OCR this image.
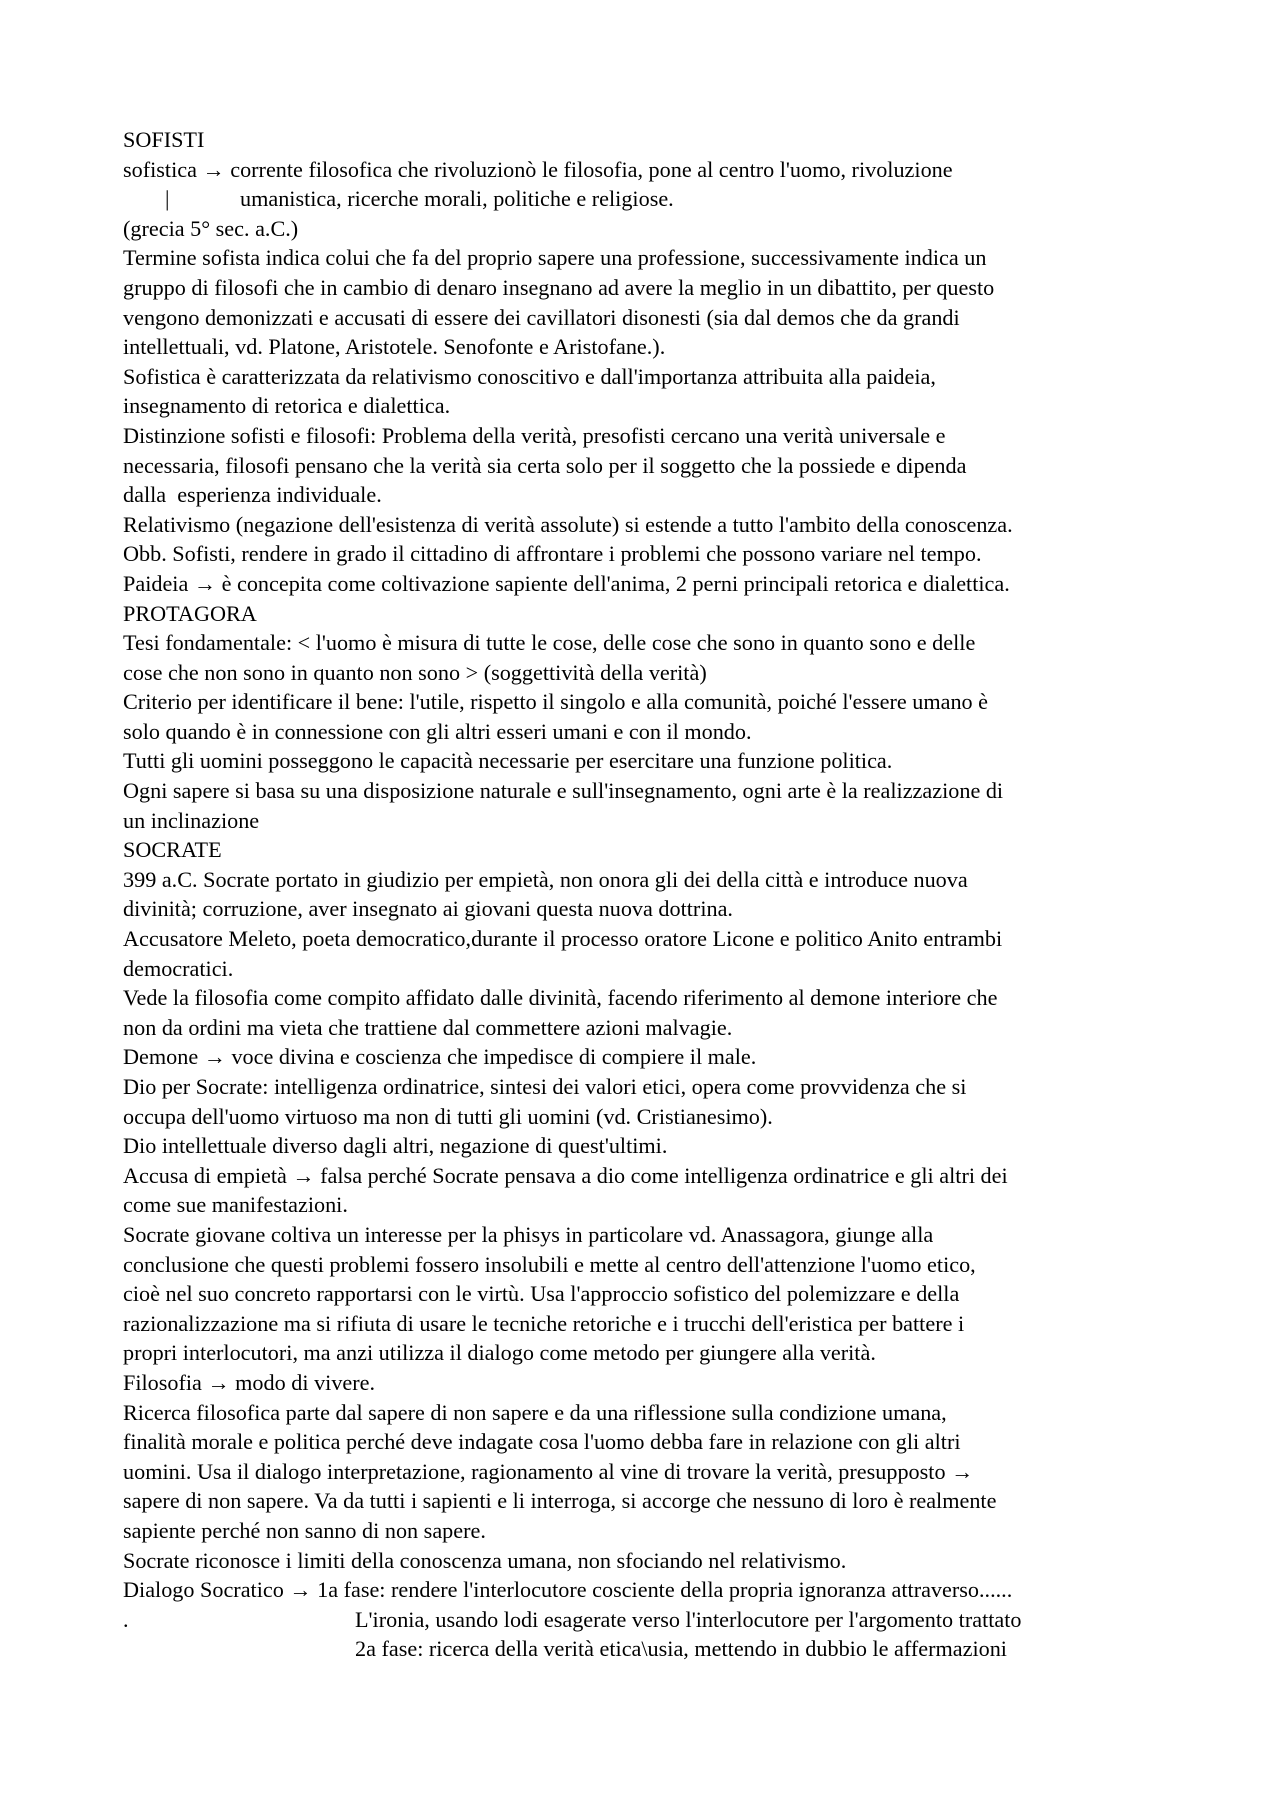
SOFISTI
sofistica → corrente filosofica che rivoluzionò le filosofia, pone al centro l'uomo, rivoluzione
|	umanistica, ricerche morali, politiche e religiose.
(grecia 5° sec. a.C.)
Termine sofista indica colui che fa del proprio sapere una professione, successivamente indica un
gruppo di filosofi che in cambio di denaro insegnano ad avere la meglio in un dibattito, per questo
vengono demonizzati e accusati di essere dei cavillatori disonesti (sia dal demos che da grandi
intellettuali, vd. Platone, Aristotele. Senofonte e Aristofane.).
Sofistica è caratterizzata da relativismo conoscitivo e dall'importanza attribuita alla paideia,
insegnamento di retorica e dialettica.
Distinzione sofisti e filosofi: Problema della verità, presofisti cercano una verità universale e
necessaria, filosofi pensano che la verità sia certa solo per il soggetto che la possiede e dipenda
dalla  esperienza individuale.
Relativismo (negazione dell'esistenza di verità assolute) si estende a tutto l'ambito della conoscenza.
Obb. Sofisti, rendere in grado il cittadino di affrontare i problemi che possono variare nel tempo.
Paideia → è concepita come coltivazione sapiente dell'anima, 2 perni principali retorica e dialettica.
PROTAGORA
Tesi fondamentale: < l'uomo è misura di tutte le cose, delle cose che sono in quanto sono e delle
cose che non sono in quanto non sono > (soggettività della verità)
Criterio per identificare il bene: l'utile, rispetto il singolo e alla comunità, poiché l'essere umano è
solo quando è in connessione con gli altri esseri umani e con il mondo.
Tutti gli uomini posseggono le capacità necessarie per esercitare una funzione politica.
Ogni sapere si basa su una disposizione naturale e sull'insegnamento, ogni arte è la realizzazione di
un inclinazione
SOCRATE
399 a.C. Socrate portato in giudizio per empietà, non onora gli dei della città e introduce nuova
divinità; corruzione, aver insegnato ai giovani questa nuova dottrina.
Accusatore Meleto, poeta democratico,durante il processo oratore Licone e politico Anito entrambi
democratici.
Vede la filosofia come compito affidato dalle divinità, facendo riferimento al demone interiore che
non da ordini ma vieta che trattiene dal commettere azioni malvagie.
Demone → voce divina e coscienza che impedisce di compiere il male.
Dio per Socrate: intelligenza ordinatrice, sintesi dei valori etici, opera come provvidenza che si
occupa dell'uomo virtuoso ma non di tutti gli uomini (vd. Cristianesimo).
Dio intellettuale diverso dagli altri, negazione di quest'ultimi.
Accusa di empietà → falsa perché Socrate pensava a dio come intelligenza ordinatrice e gli altri dei
come sue manifestazioni.
Socrate giovane coltiva un interesse per la phisys in particolare vd. Anassagora, giunge alla
conclusione che questi problemi fossero insolubili e mette al centro dell'attenzione l'uomo etico,
cioè nel suo concreto rapportarsi con le virtù. Usa l'approccio sofistico del polemizzare e della
razionalizzazione ma si rifiuta di usare le tecniche retoriche e i trucchi dell'eristica per battere i
propri interlocutori, ma anzi utilizza il dialogo come metodo per giungere alla verità.
Filosofia → modo di vivere.
Ricerca filosofica parte dal sapere di non sapere e da una riflessione sulla condizione umana,
finalità morale e politica perché deve indagate cosa l'uomo debba fare in relazione con gli altri
uomini. Usa il dialogo interpretazione, ragionamento al vine di trovare la verità, presupposto →
sapere di non sapere. Va da tutti i sapienti e li interroga, si accorge che nessuno di loro è realmente
sapiente perché non sanno di non sapere.
Socrate riconosce i limiti della conoscenza umana, non sfociando nel relativismo.
Dialogo Socratico → 1a fase: rendere l'interlocutore cosciente della propria ignoranza attraverso......
.	L'ironia, usando lodi esagerate verso l'interlocutore per l'argomento trattato
2a fase: ricerca della verità etica\usia, mettendo in dubbio le affermazioni
